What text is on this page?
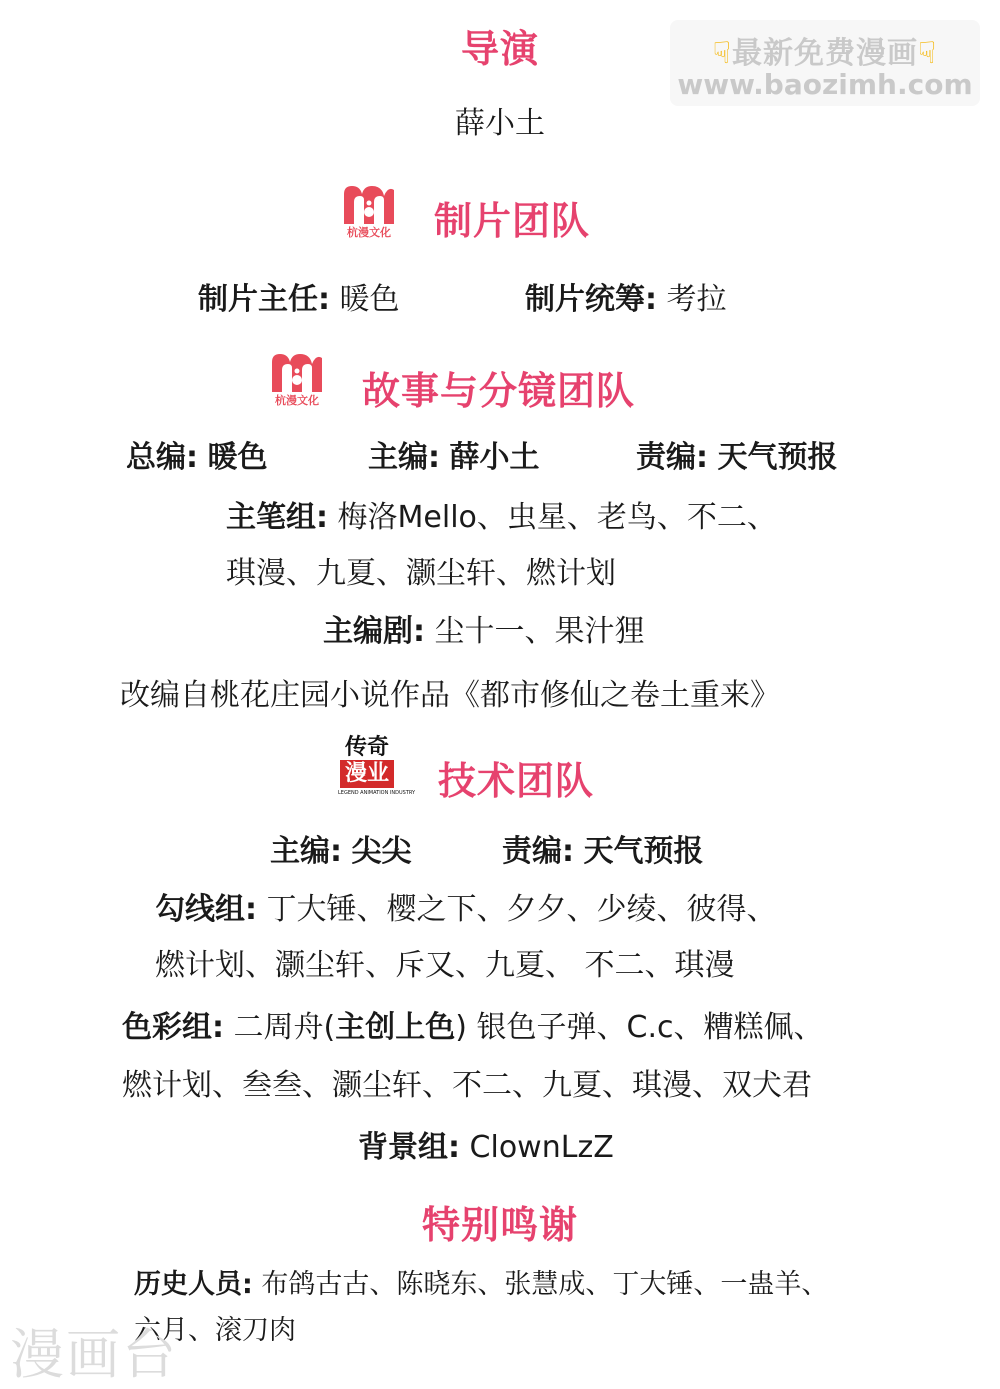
☟最新免费漫画☟
www.baozimh.com
导演
薛小土
杭漫文化 制片团队
制片主任: 暖色	制片统筹: 考拉
杭漫文化 故事与分镜团队
总编: 暖色	主编: 薛小土	责编: 天气预报
主笔组: 梅洛Mello、虫星、老鸟、不二、
琪漫、九夏、灏尘轩、燃计划
主编剧: 尘十一、果汁狸
改编自桃花庄园小说作品《都市修仙之卷土重来》
传奇
漫业
LEGEND ANIMATION INDUSTRY 技术团队
主编: 尖尖	责编: 天气预报
勾线组: 丁大锤、樱之下、夕夕、少绫、彼得、
燃计划、灏尘轩、斥又、九夏、 不二、琪漫
色彩组: 二周舟(主创上色) 银色子弹、C.c、糟糕佩、
燃计划、叁叁、灏尘轩、不二、九夏、琪漫、双犬君
背景组: ClownLzZ
特别鸣谢
历史人员: 布鸽古古、陈晓东、张慧成、丁大锤、一蛊羊、
六月、滚刀肉
漫画台
